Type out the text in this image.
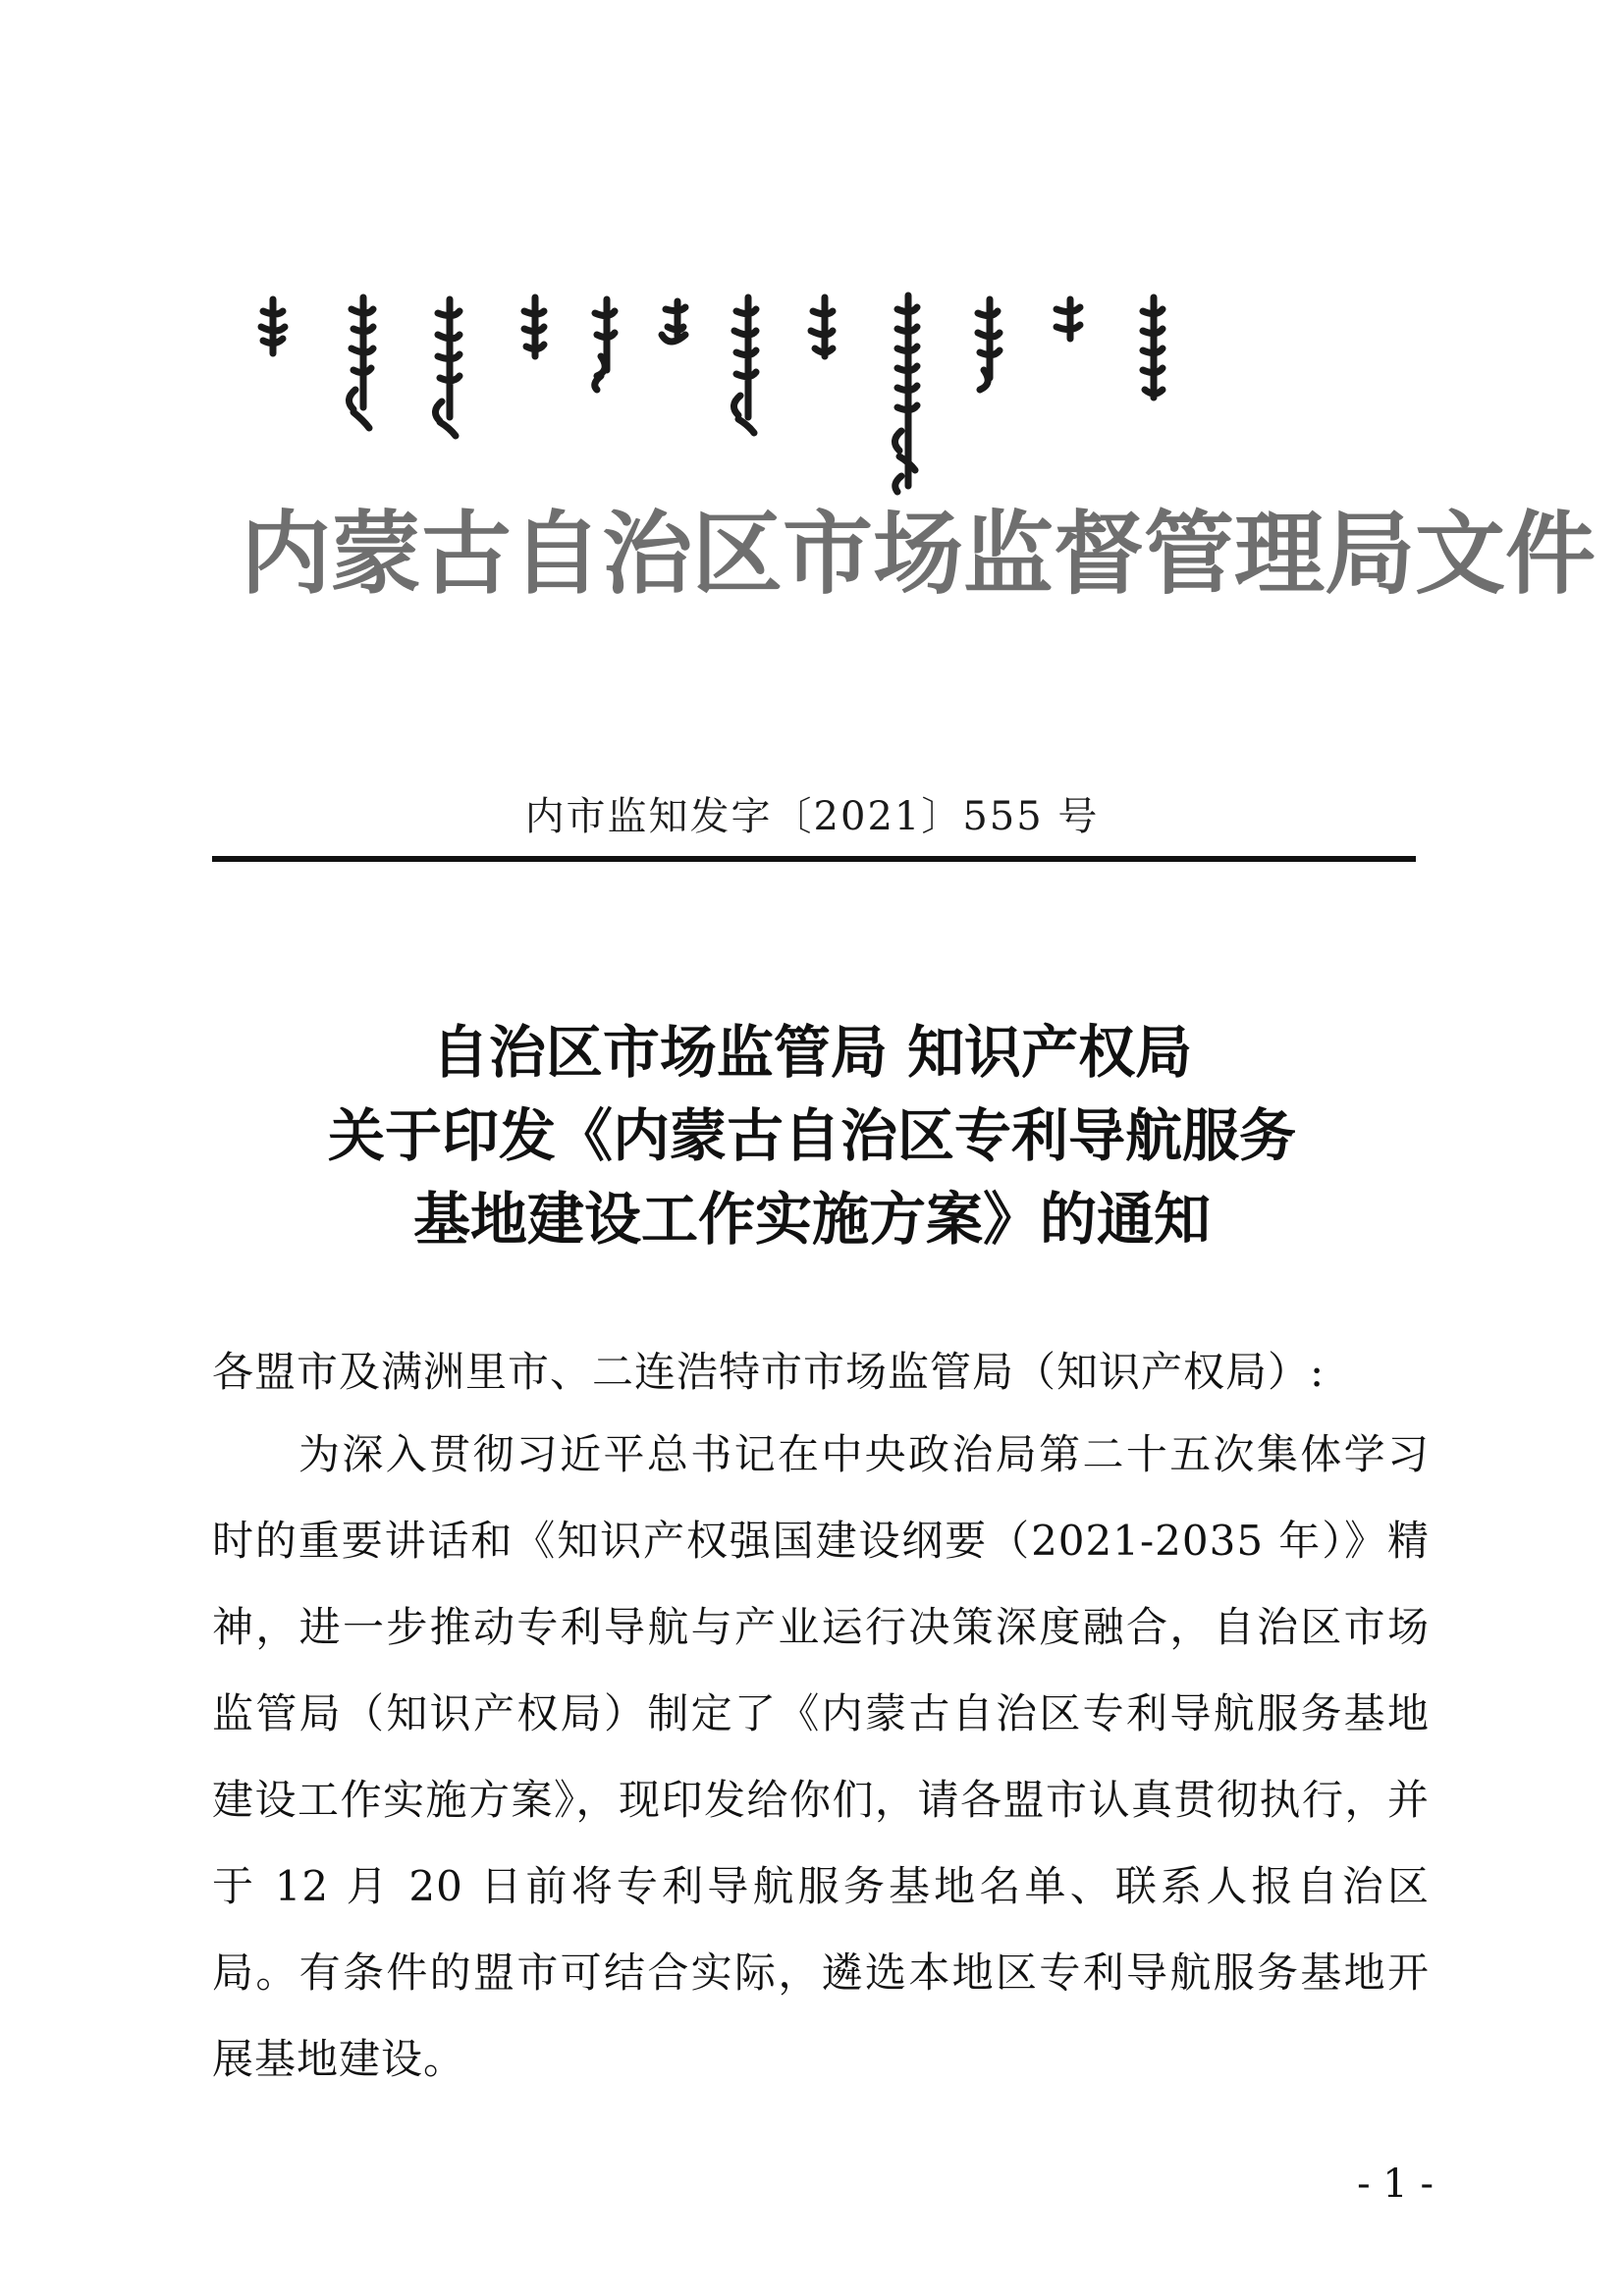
内蒙古自治区市场监督管理局文件
内市监知发字〔2021〕555 号
自治区市场监管局 知识产权局
关于印发《内蒙古自治区专利导航服务
基地建设工作实施方案》的通知
各盟市及满洲里市、二连浩特市市场监管局（知识产权局）:

为深入贯彻习近平总书记在中央政治局第二十五次集体学习时的重要讲话和《知识产权强国建设纲要（2021-2035 年）》精神，进一步推动专利导航与产业运行决策深度融合，自治区市场监管局（知识产权局）制定了《内蒙古自治区专利导航服务基地建设工作实施方案》，现印发给你们，请各盟市认真贯彻执行，并于 12 月 20 日前将专利导航服务基地名单、联系人报自治区局。有条件的盟市可结合实际，遴选本地区专利导航服务基地开展基地建设。

- 1 -
